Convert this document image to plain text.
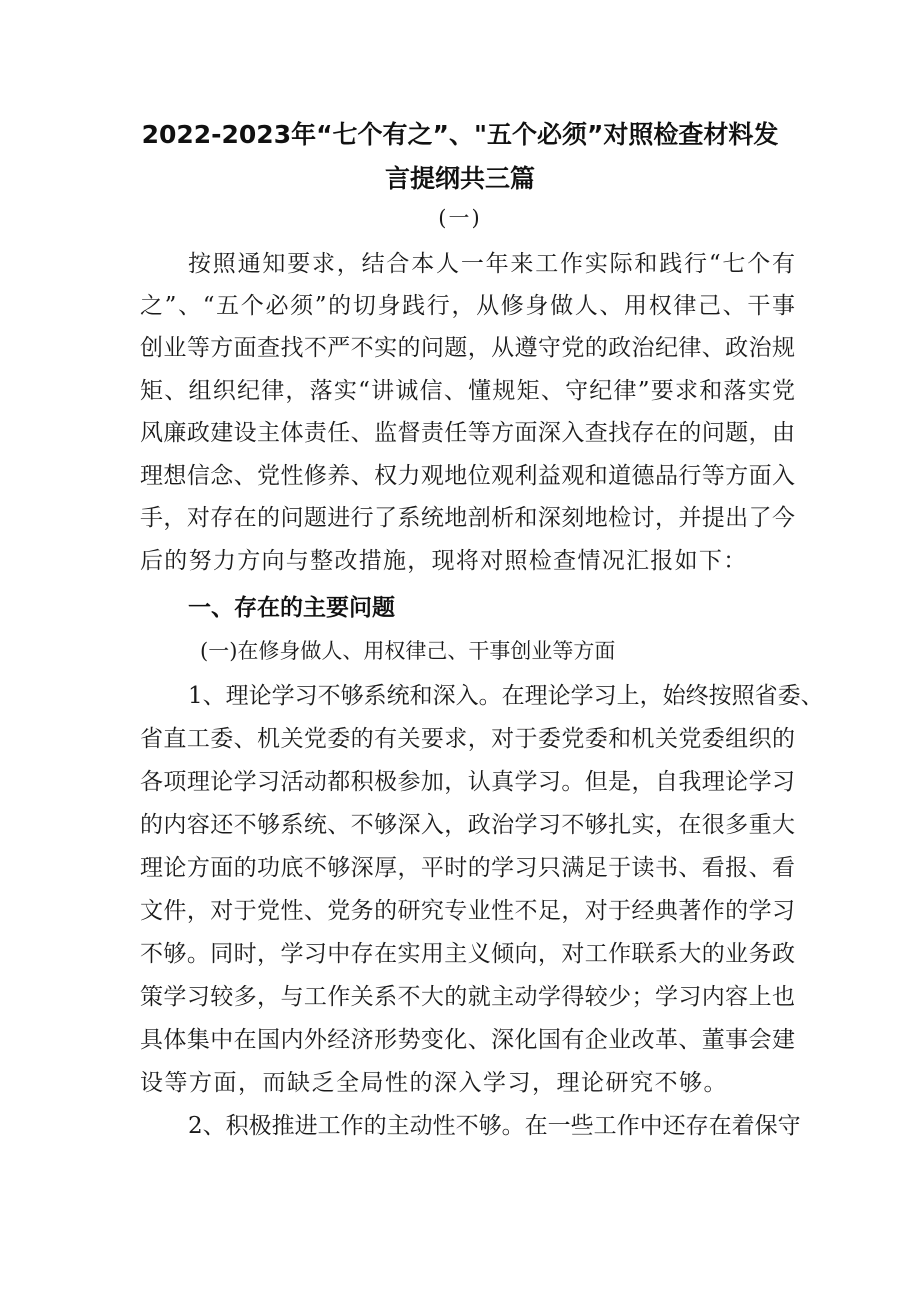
2022-2023年“七个有之”、"五个必须”对照检查材料发
言提纲共三篇
(一)
按照通知要求，结合本人一年来工作实际和践行“七个有
之”、“五个必须”的切身践行，从修身做人、用权律己、干事
创业等方面查找不严不实的问题，从遵守党的政治纪律、政治规
矩、组织纪律，落实“讲诚信、懂规矩、守纪律”要求和落实党
风廉政建设主体责任、监督责任等方面深入查找存在的问题，由
理想信念、党性修养、权力观地位观利益观和道德品行等方面入
手，对存在的问题进行了系统地剖析和深刻地检讨，并提出了今
后的努力方向与整改措施，现将对照检查情况汇报如下：
一、存在的主要问题
(一)在修身做人、用权律己、干事创业等方面
1、理论学习不够系统和深入。在理论学习上，始终按照省委、
省直工委、机关党委的有关要求，对于委党委和机关党委组织的
各项理论学习活动都积极参加，认真学习。但是，自我理论学习
的内容还不够系统、不够深入，政治学习不够扎实，在很多重大
理论方面的功底不够深厚，平时的学习只满足于读书、看报、看
文件，对于党性、党务的研究专业性不足，对于经典著作的学习
不够。同时，学习中存在实用主义倾向，对工作联系大的业务政
策学习较多，与工作关系不大的就主动学得较少；学习内容上也
具体集中在国内外经济形势变化、深化国有企业改革、董事会建
设等方面，而缺乏全局性的深入学习，理论研究不够。
2、积极推进工作的主动性不够。在一些工作中还存在着保守
